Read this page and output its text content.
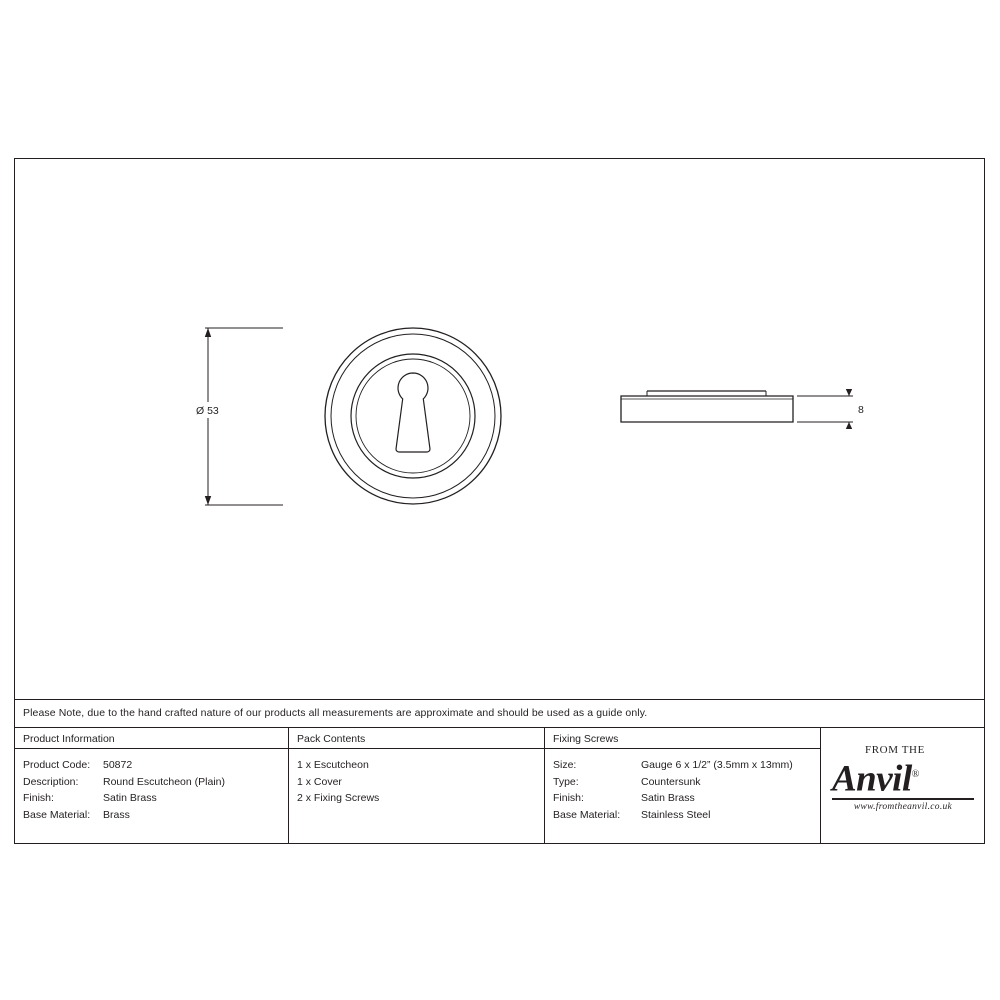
Ø 53	8
Please Note, due to the hand crafted nature of our products all measurements are approximate and should be used as a guide only.
Product Information
Product Code:	50872
Description:	Round Escutcheon (Plain)
Finish:	Satin Brass
Base Material:	Brass
Pack Contents
1 x Escutcheon
1 x Cover
2 x Fixing Screws
Fixing Screws
Size:	Gauge 6 x 1/2” (3.5mm x 13mm)
Type:	Countersunk
Finish:	Satin Brass
Base Material:	Stainless Steel
FROM THE
Anvil®
www.fromtheanvil.co.uk
